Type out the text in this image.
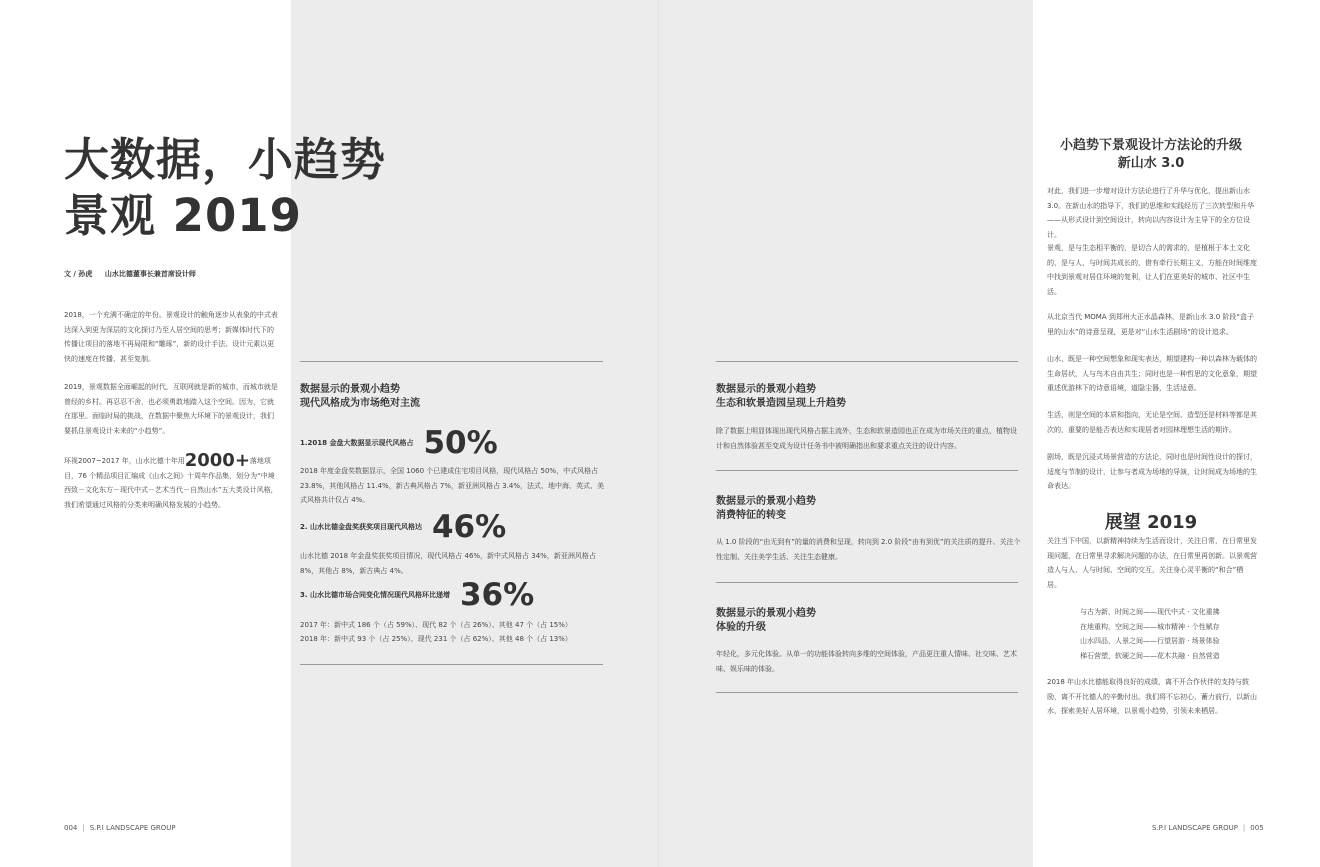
大数据，小趋势
景观 2019
文 / 孙虎 山水比德董事长兼首席设计师

2018，一个充满不确定的年份。景观设计的触角逐步从表象的中式表达深入到更为深层的文化探讨乃至人居空间的思考；新媒体时代下的传播让项目的落地不再局限和“雕琢”，新的设计手法、设计元素以更快的速度在传播、甚至复制。

2019，景观数据全面崛起的时代，互联网就是新的城市，而城市就是曾经的乡村。再忍忍不舍，也必须勇敢地踏入这个空间。因为，它就在那里。面临时局的挑战，在数据中聚焦大环境下的景观设计，我们要抓住景观设计未来的“小趋势”。

环视2007~2017 年，山水比德十年用2000+落地项目，76 个精品项目汇编成《山水之间》十周年作品集，划分为“中境西致－文化东方－现代中式－艺术当代－自然山水”五大类设计风格，我们希望通过风格的分类来明确风格发展的小趋势。

数据显示的景观小趋势
现代风格成为市场绝对主流
1.2018 金盘大数据显示现代风格占 50%

2018 年度金盘奖数据显示，全国 1060 个已建成住宅项目风格，现代风格占 50%，中式风格占 23.8%，其他风格占 11.4%，新古典风格占 7%，新亚洲风格占 3.4%，法式、地中海、英式、美式风格共计仅占 4%。

2. 山水比德金盘奖获奖项目现代风格达 46%

山水比德 2018 年金盘奖获奖项目情况，现代风格占 46%，新中式风格占 34%，新亚洲风格占 8%，其他占 8%，新古典占 4%。

3. 山水比德市场合同变化情况现代风格环比递增 36%

2017 年：新中式 186 个（占 59%）、现代 82 个（占 26%）、其他 47 个（占 15%）

2018 年：新中式 93 个（占 25%）、现代 231 个（占 62%）、其他 48 个（占 13%）

数据显示的景观小趋势
生态和软景造园呈现上升趋势

除了数据上明显体现出现代风格占据主流外，生态和软景造园也正在成为市场关注的重点，植物设计和自然体验甚至变成为设计任务书中被明确指出和要求重点关注的设计内容。

数据显示的景观小趋势
消费特征的转变

从 1.0 阶段的“由无到有”的量的消费和呈现，转向到 2.0 阶段“由有到优”的关注质的提升、关注个性定制、关注美学生活、关注生态健康。

数据显示的景观小趋势
体验的升级

年轻化，多元化体验。从单一的功能体验转向多维的空间体验，产品更注重人情味、社交味、艺术味、娱乐味的体验。

小趋势下景观设计方法论的升级
新山水 3.0

对此，我们进一步增对设计方法论进行了升华与优化，提出新山水 3.0。在新山水的指导下，我们的思维和实践经历了三次转型和升华——从形式设计到空间设计，转向以内容设计为主导下的全方位设计。

景观，是与生态相平衡的，是切合人的需求的，是植根于本土文化的，是与人、与时间共成长的，借有牵行长期主义，方能在时间维度中找到景观对居住环境的复利，让人们在更美好的城市、社区中生活。

从北京当代 MOMA 到郑州大正水晶森林，是新山水 3.0 阶段“盒子里的山水”的诗意呈现，更是对“山水生活剧场”的设计追求。

山水，既是一种空间想象和现实表达，期望建构一种以森林为载体的生命居状，人与鸟木自由共生；同时也是一种哲思的文化意象，期望重述优游林下的诗意语境，道隐尘器，生活适意。

生活，则是空间的本质和指向，无论是空间、造型还是材料等都是其次的，重要的是能否表达和实现居者对园林理想生活的期许。

剧场，既是沉浸式场景营造的方法论，同时也是时间性设计的探讨，适度与节制的设计，让参与者成为场地的导演，让时间成为场地的生命表达。

展望 2019

关注当下中国，以新精神持续为生活而设计，关注日常，在日常里发现问题，在日常里寻求解决问题的办法，在日常里再创新。以景观营造人与人、人与时间、空间的交互，关注身心灵平衡的“和合”栖居。

与古为新，时间之间——现代中式 · 文化重拂
在地重构，空间之间——城市精神 · 个性赋存
山水四品，人景之间——行望居游 · 场景体验
梯石营塑，软硬之间——花木共融 · 自然营造

2018 年山水比德能取得良好的成绩，离不开合作伙伴的支持与鼓励，离不开比德人的辛勤付出。我们将不忘初心，蓄力前行，以新山水，探索美好人居环境，以景观小趋势，引领未来栖居。

004 | S.P.I LANDSCAPE GROUP	S.P.I LANDSCAPE GROUP | 005
